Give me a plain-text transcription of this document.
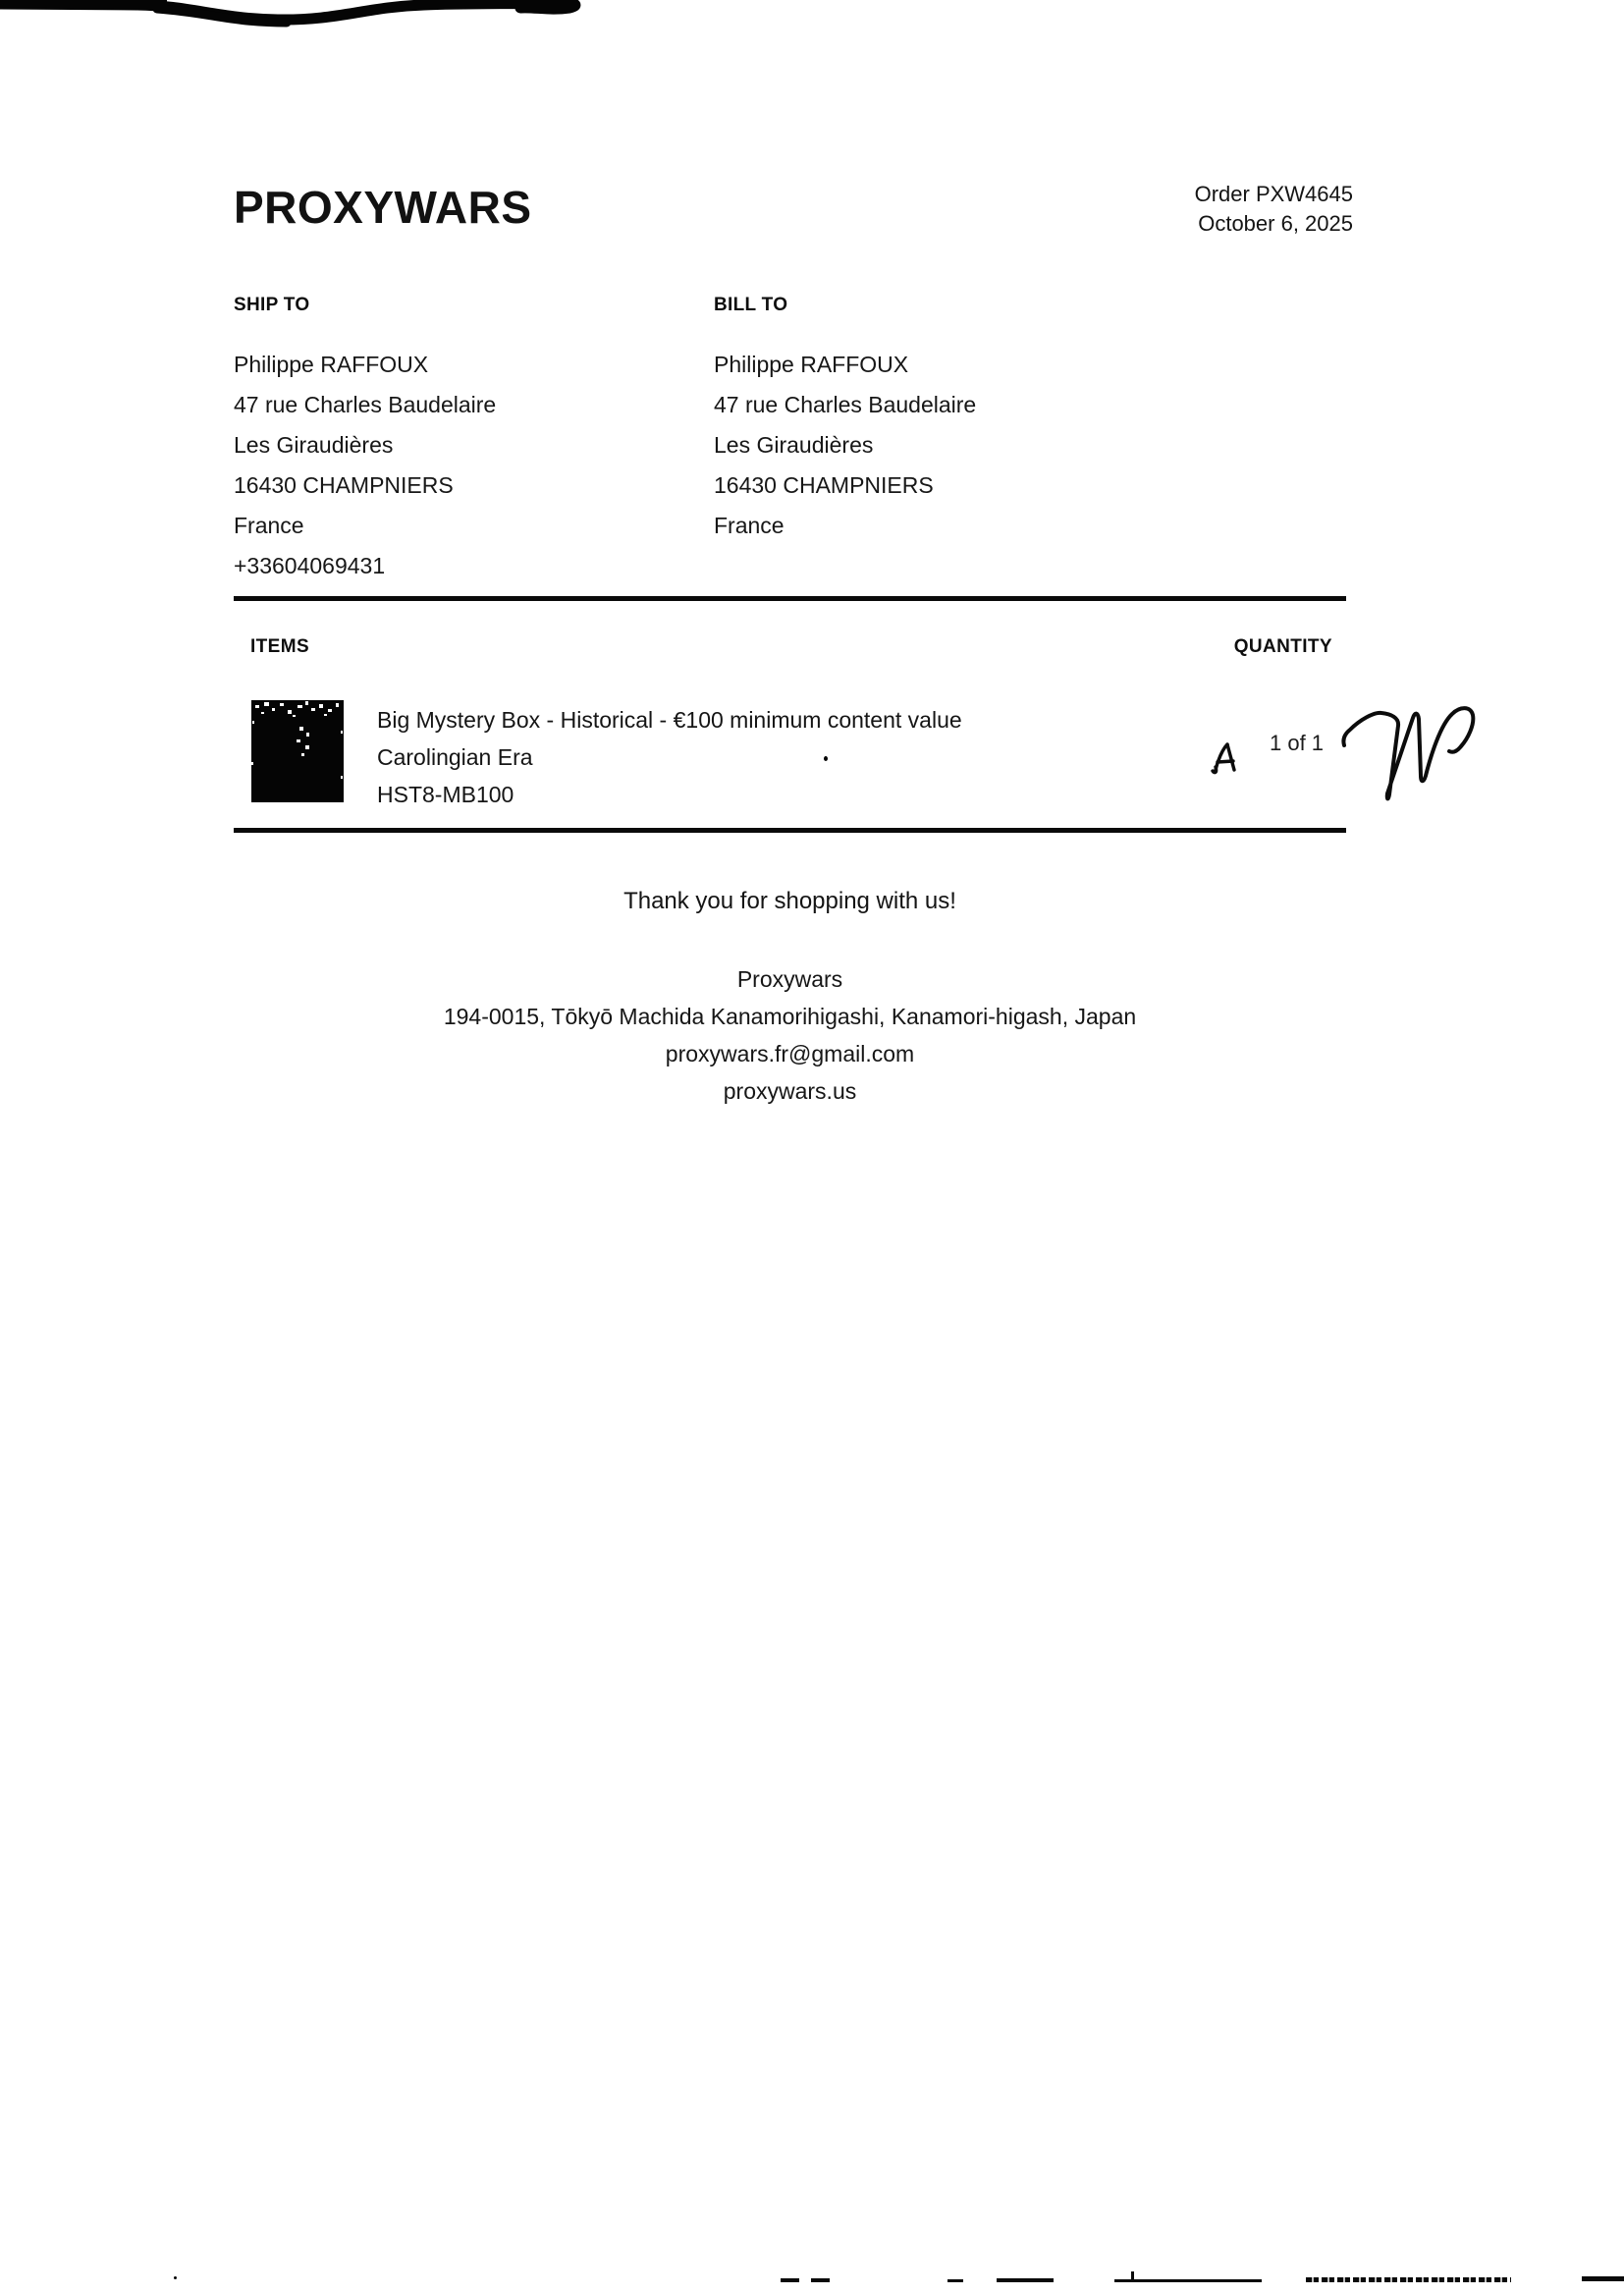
PROXYWARS	Order PXW4645
October 6, 2025
SHIP TO
Philippe RAFFOUX
47 rue Charles Baudelaire
Les Giraudières
16430 CHAMPNIERS
France
+33604069431
BILL TO
Philippe RAFFOUX
47 rue Charles Baudelaire
Les Giraudières
16430 CHAMPNIERS
France
ITEMS	QUANTITY
Big Mystery Box - Historical - €100 minimum content value
Carolingian Era
HST8-MB100
1 of 1
Thank you for shopping with us!
Proxywars
194-0015, Tōkyō Machida Kanamorihigashi, Kanamori-higash, Japan
proxywars.fr@gmail.com
proxywars.us
